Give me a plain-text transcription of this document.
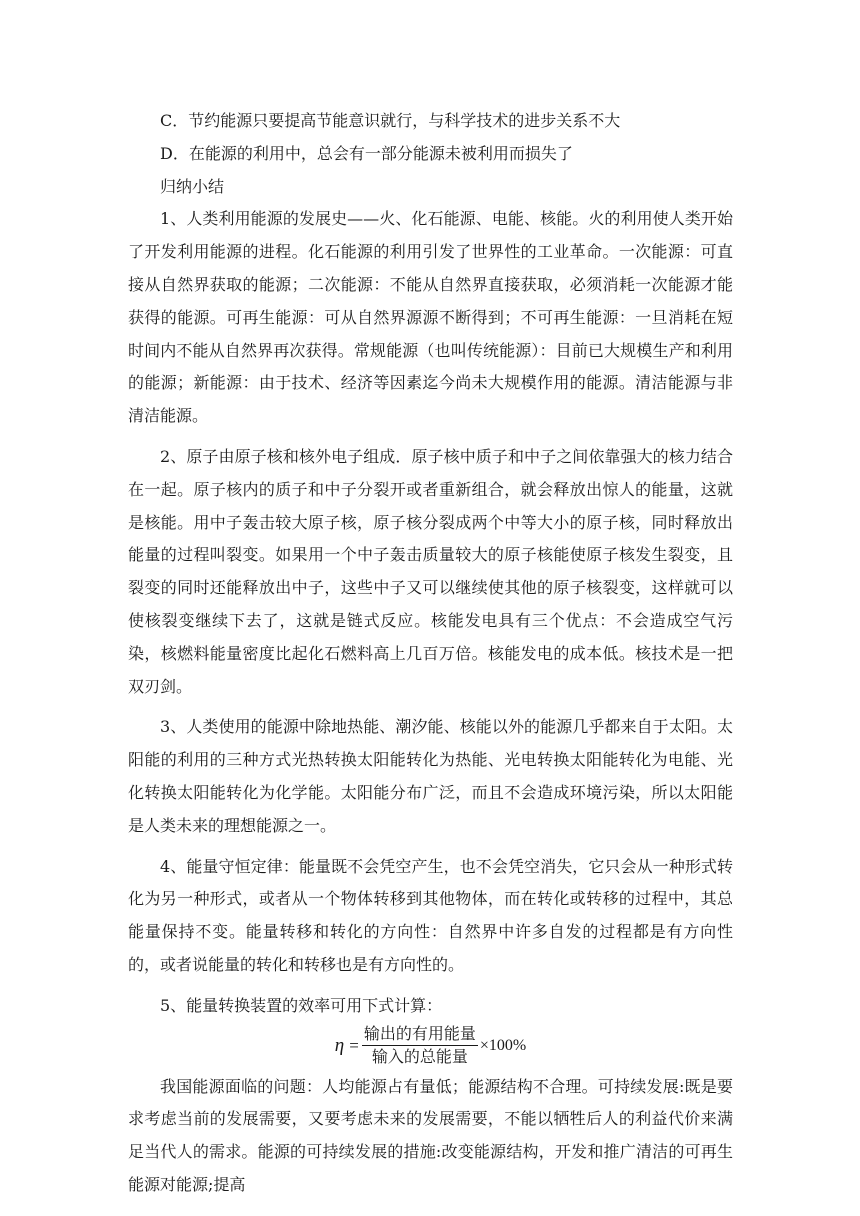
C．节约能源只要提高节能意识就行，与科学技术的进步关系不大

D．在能源的利用中，总会有一部分能源未被利用而损失了

归纳小结

1、人类利用能源的发展史——火、化石能源、电能、核能。火的利用使人类开始了开发利用能源的进程。化石能源的利用引发了世界性的工业革命。一次能源：可直接从自然界获取的能源；二次能源：不能从自然界直接获取，必须消耗一次能源才能获得的能源。可再生能源：可从自然界源源不断得到；不可再生能源：一旦消耗在短时间内不能从自然界再次获得。常规能源（也叫传统能源）：目前已大规模生产和利用的能源；新能源：由于技术、经济等因素迄今尚未大规模作用的能源。清洁能源与非清洁能源。

2、原子由原子核和核外电子组成．原子核中质子和中子之间依靠强大的核力结合在一起。原子核内的质子和中子分裂开或者重新组合，就会释放出惊人的能量，这就是核能。用中子轰击较大原子核，原子核分裂成两个中等大小的原子核，同时释放出能量的过程叫裂变。如果用一个中子轰击质量较大的原子核能使原子核发生裂变，且裂变的同时还能释放出中子，这些中子又可以继续使其他的原子核裂变，这样就可以使核裂变继续下去了，这就是链式反应。核能发电具有三个优点：不会造成空气污染，核燃料能量密度比起化石燃料高上几百万倍。核能发电的成本低。核技术是一把双刃剑。

3、人类使用的能源中除地热能、潮汐能、核能以外的能源几乎都来自于太阳。太阳能的利用的三种方式光热转换太阳能转化为热能、光电转换太阳能转化为电能、光化转换太阳能转化为化学能。太阳能分布广泛，而且不会造成环境污染，所以太阳能是人类未来的理想能源之一。

4、能量守恒定律：能量既不会凭空产生，也不会凭空消失，它只会从一种形式转化为另一种形式，或者从一个物体转移到其他物体，而在转化或转移的过程中，其总能量保持不变。能量转移和转化的方向性：自然界中许多自发的过程都是有方向性的，或者说能量的转化和转移也是有方向性的。

5、能量转换装置的效率可用下式计算：

$\eta = \frac{\text{输出的有用能量}}{\text{输入的总能量}} \times 100\%$

我国能源面临的问题：人均能源占有量低；能源结构不合理。可持续发展:既是要求考虑当前的发展需要，又要考虑未来的发展需要，不能以牺牲后人的利益代价来满足当代人的需求。能源的可持续发展的措施:改变能源结构，开发和推广清洁的可再生能源对能源;提高
